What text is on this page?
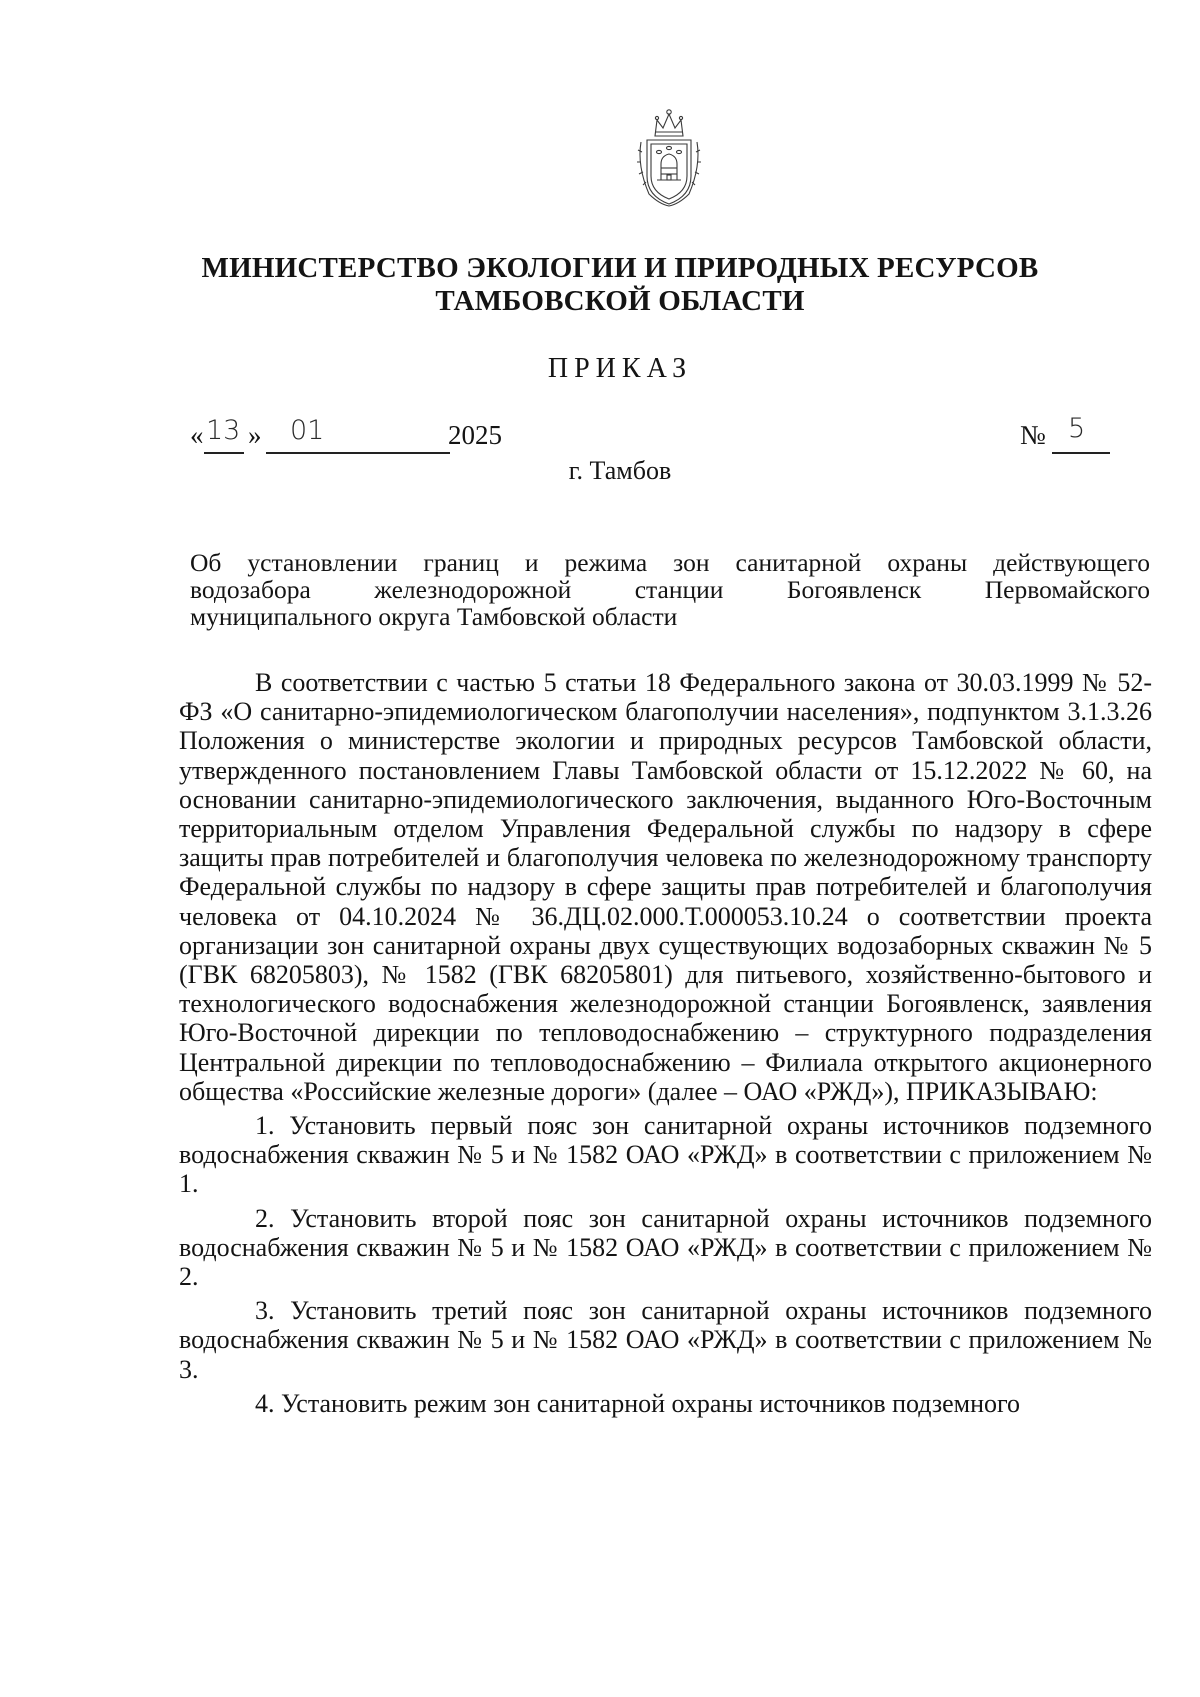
МИНИСТЕРСТВО ЭКОЛОГИИ И ПРИРОДНЫХ РЕСУРСОВ
ТАМБОВСКОЙ ОБЛАСТИ
ПРИКАЗ
« 13 » 01	2025	№ 5
г. Тамбов
Об установлении границ и режима зон санитарной охраны действующего
водозабора железнодорожной станции Богоявленск Первомайского
муниципального округа Тамбовской области

В соответствии с частью 5 статьи 18 Федерального закона от 30.03.1999 № 52-ФЗ «О санитарно-эпидемиологическом благополучии населения», подпунктом 3.1.3.26 Положения о министерстве экологии и природных ресурсов Тамбовской области, утвержденного постановлением Главы Тамбовской области от 15.12.2022 № 60, на основании санитарно-эпидемиологического заключения, выданного Юго-Восточным территориальным отделом Управления Федеральной службы по надзору в сфере защиты прав потребителей и благополучия человека по железнодорожному транспорту Федеральной службы по надзору в сфере защиты прав потребителей и благополучия человека от 04.10.2024 № 36.ДЦ.02.000.Т.000053.10.24 о соответствии проекта организации зон санитарной охраны двух существующих водозаборных скважин № 5 (ГВК 68205803), № 1582 (ГВК 68205801) для питьевого, хозяйственно-бытового и технологического водоснабжения железнодорожной станции Богоявленск, заявления Юго-Восточной дирекции по тепловодоснабжению – структурного подразделения Центральной дирекции по тепловодоснабжению – Филиала открытого акционерного общества «Российские железные дороги» (далее – ОАО «РЖД»), ПРИКАЗЫВАЮ:

1. Установить первый пояс зон санитарной охраны источников подземного водоснабжения скважин № 5 и № 1582 ОАО «РЖД» в соответствии с приложением № 1.

2. Установить второй пояс зон санитарной охраны источников подземного водоснабжения скважин № 5 и № 1582 ОАО «РЖД» в соответствии с приложением № 2.

3. Установить третий пояс зон санитарной охраны источников подземного водоснабжения скважин № 5 и № 1582 ОАО «РЖД» в соответствии с приложением № 3.

4. Установить режим зон санитарной охраны источников подземного
